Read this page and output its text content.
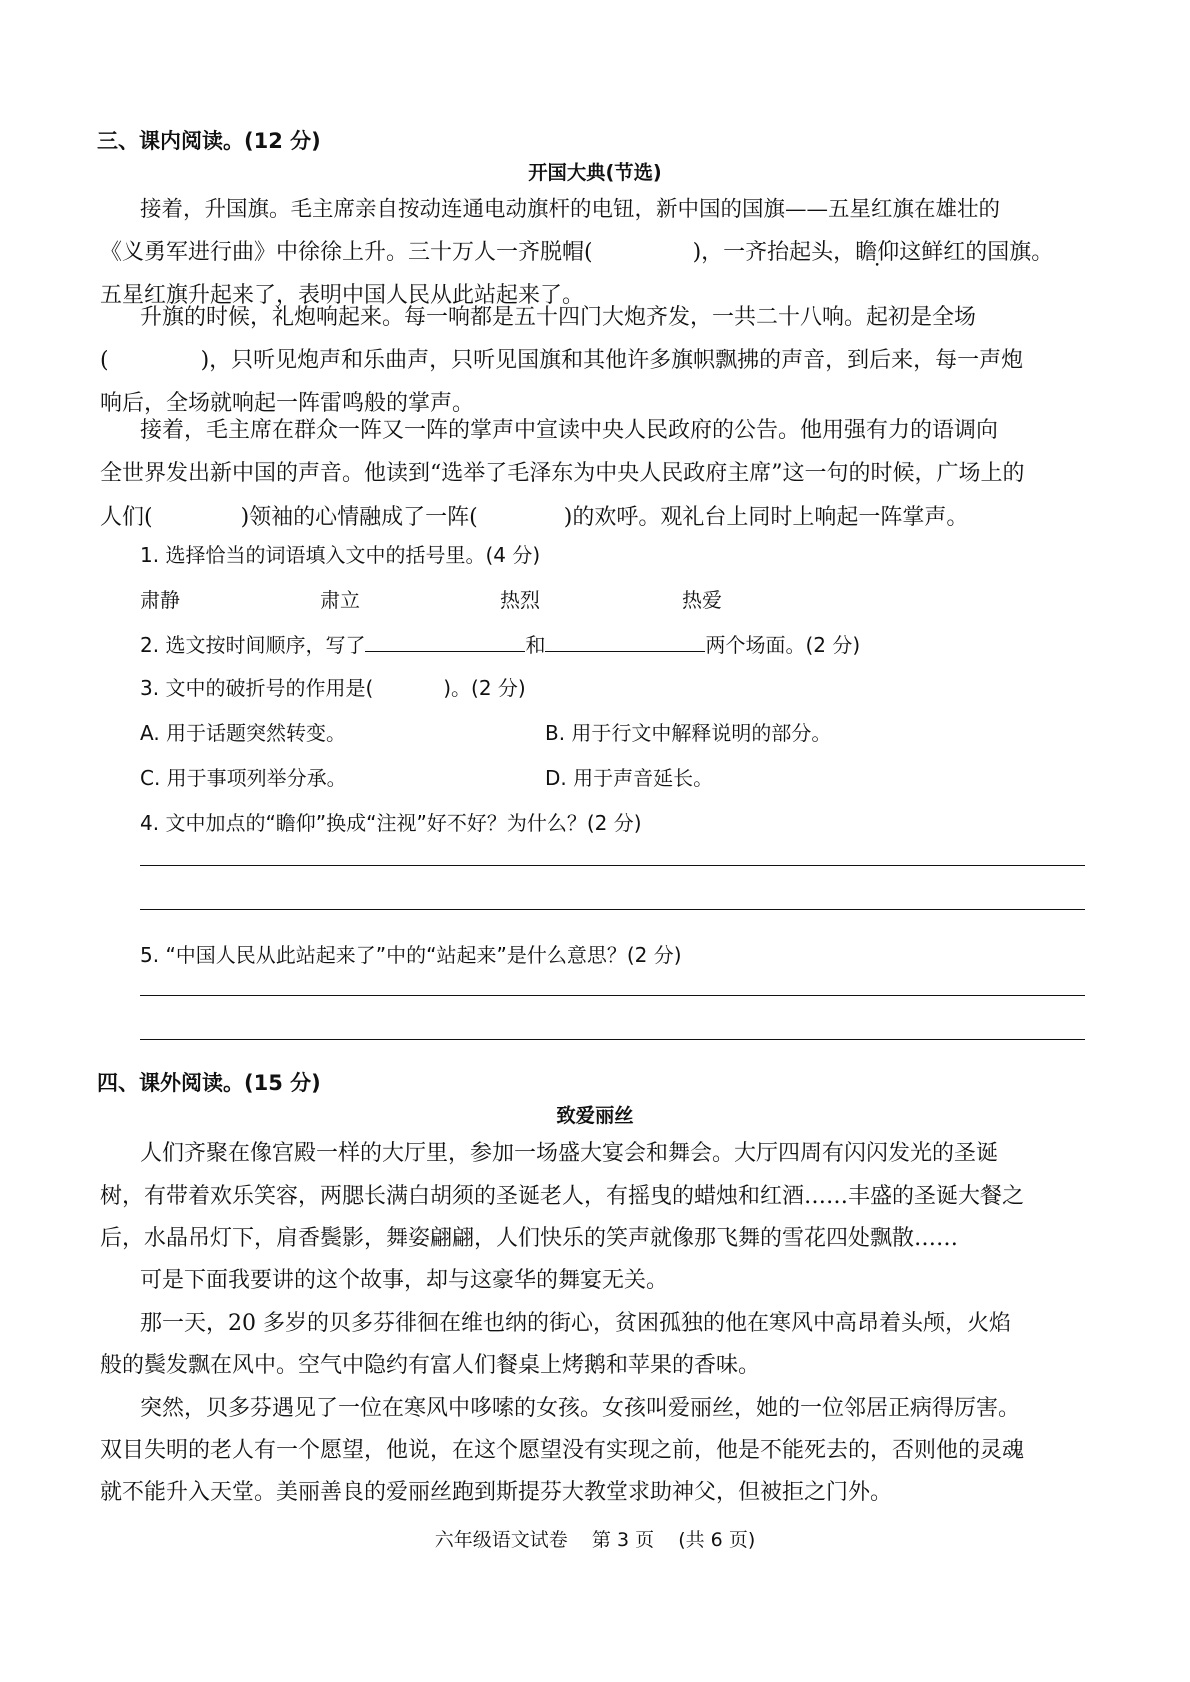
三、课内阅读。(12 分)
开国大典(节选)
接着，升国旗。毛主席亲自按动连通电动旗杆的电钮，新中国的国旗——五星红旗在雄壮的
《义勇军进行曲》中徐徐上升。三十万人一齐脱帽(	)，一齐抬起头，瞻仰这鲜红的国旗。
五星红旗升起来了，表明中国人民从此站起来了。
升旗的时候，礼炮响起来。每一响都是五十四门大炮齐发，一共二十八响。起初是全场
(	)，只听见炮声和乐曲声，只听见国旗和其他许多旗帜飘拂的声音，到后来，每一声炮
响后，全场就响起一阵雷鸣般的掌声。
接着，毛主席在群众一阵又一阵的掌声中宣读中央人民政府的公告。他用强有力的语调向
全世界发出新中国的声音。他读到“选举了毛泽东为中央人民政府主席”这一句的时候，广场上的
人们(	)领袖的心情融成了一阵(	)的欢呼。观礼台上同时上响起一阵掌声。
1. 选择恰当的词语填入文中的括号里。(4 分)
肃静	肃立	热烈	热爱
2. 选文按时间顺序，写了	和	两个场面。(2 分)
3. 文中的破折号的作用是(	)。(2 分)
A. 用于话题突然转变。	B. 用于行文中解释说明的部分。
C. 用于事项列举分承。	D. 用于声音延长。
4. 文中加点的“瞻仰”换成“注视”好不好？为什么？(2 分)
5. “中国人民从此站起来了”中的“站起来”是什么意思？(2 分)
四、课外阅读。(15 分)
致爱丽丝
人们齐聚在像宫殿一样的大厅里，参加一场盛大宴会和舞会。大厅四周有闪闪发光的圣诞
树，有带着欢乐笑容，两腮长满白胡须的圣诞老人，有摇曳的蜡烛和红酒……丰盛的圣诞大餐之
后，水晶吊灯下，肩香鬓影，舞姿翩翩，人们快乐的笑声就像那飞舞的雪花四处飘散……
可是下面我要讲的这个故事，却与这豪华的舞宴无关。
那一天，20 多岁的贝多芬徘徊在维也纳的街心，贫困孤独的他在寒风中高昂着头颅，火焰
般的鬓发飘在风中。空气中隐约有富人们餐桌上烤鹅和苹果的香味。
突然，贝多芬遇见了一位在寒风中哆嗦的女孩。女孩叫爱丽丝，她的一位邻居正病得厉害。
双目失明的老人有一个愿望，他说，在这个愿望没有实现之前，他是不能死去的，否则他的灵魂
就不能升入天堂。美丽善良的爱丽丝跑到斯提芬大教堂求助神父，但被拒之门外。
六年级语文试卷    第 3 页    (共 6 页)
